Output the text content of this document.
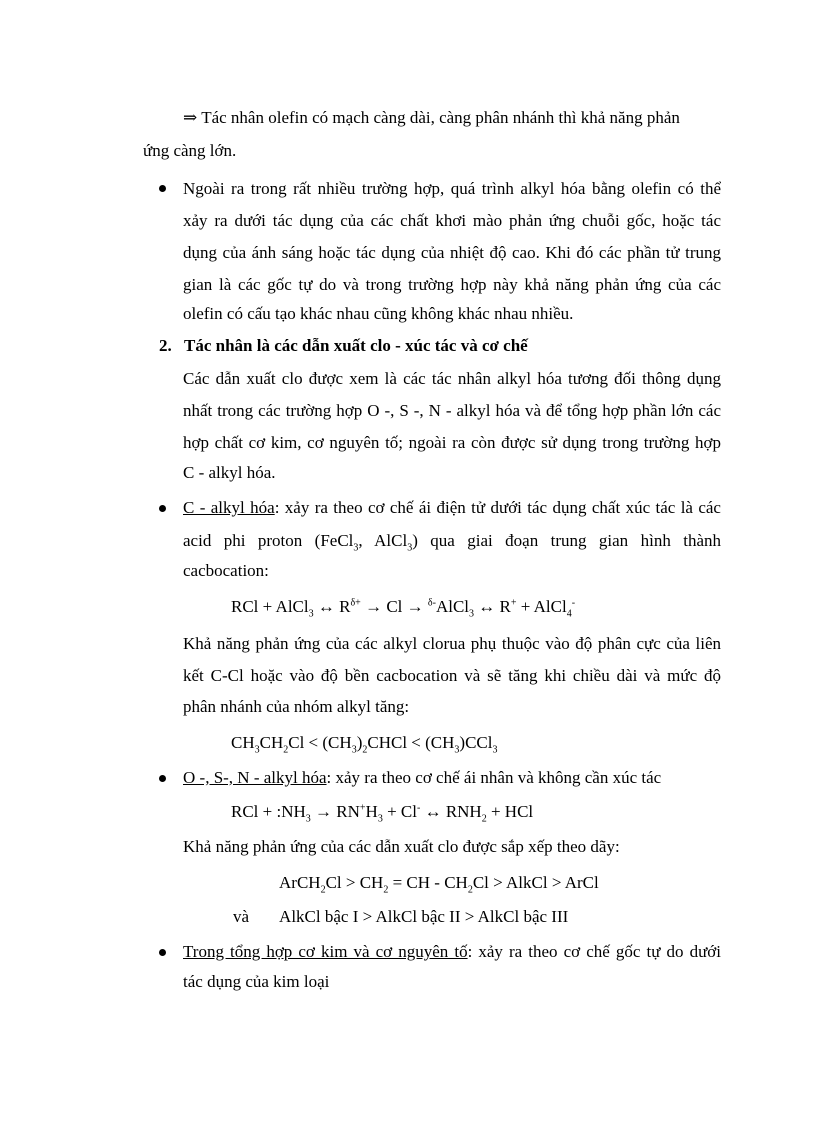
⇒ Tác nhân olefin có mạch càng dài, càng phân nhánh thì khả năng phản
ứng càng lớn.
Ngoài ra trong rất nhiều trường hợp, quá trình alkyl hóa bằng olefin có thể
xảy ra dưới tác dụng của các chất khơi mào phản ứng chuỗi gốc, hoặc tác
dụng của ánh sáng hoặc tác dụng của nhiệt độ cao. Khi đó các phần tử trung
gian là các gốc tự do và trong trường hợp này khả năng phản ứng của các
olefin có cấu tạo khác nhau cũng không khác nhau nhiều.
2. Tác nhân là các dẫn xuất clo - xúc tác và cơ chế
Các dẫn xuất clo được xem là các tác nhân alkyl hóa tương đối thông dụng
nhất trong các trường hợp O -, S -, N - alkyl hóa và để tổng hợp phần lớn các
hợp chất cơ kim, cơ nguyên tố; ngoài ra còn được sử dụng trong trường hợp
C - alkyl hóa.
C - alkyl hóa: xảy ra theo cơ chế ái điện tử dưới tác dụng chất xúc tác là các
acid phi proton (FeCl$_3$, AlCl$_3$) qua giai đoạn trung gian hình thành
cacbocation:
RCl + AlCl$_3$ ↔ $R^{\delta+} \to Cl$ → $^{\delta-}$AlCl$_3$ ↔ R+ + AlCl$_4$-
Khả năng phản ứng của các alkyl clorua phụ thuộc vào độ phân cực của liên
kết C-Cl hoặc vào độ bền cacbocation và sẽ tăng khi chiều dài và mức độ
phân nhánh của nhóm alkyl tăng:
$CH_3CH_2Cl$ < $(CH_3)_2CHCl < (CH_3)CCl_3$
O -, S-, N - alkyl hóa: xảy ra theo cơ chế ái nhân và không cần xúc tác
RCl + $:NH_3 \to RN^+H_3 + Cl^-$ ↔ $RNH_2$ + HCl
Khả năng phản ứng của các dẫn xuất clo được sắp xếp theo dãy:
ArCH$_2$Cl > $CH_2$ = CH - $CH_2Cl$ > AlkCl > ArCl
và AlkCl bậc I > AlkCl bậc II > AlkCl bậc III
Trong tổng hợp cơ kim và cơ nguyên tố: xảy ra theo cơ chế gốc tự do dưới
tác dụng của kim loại
